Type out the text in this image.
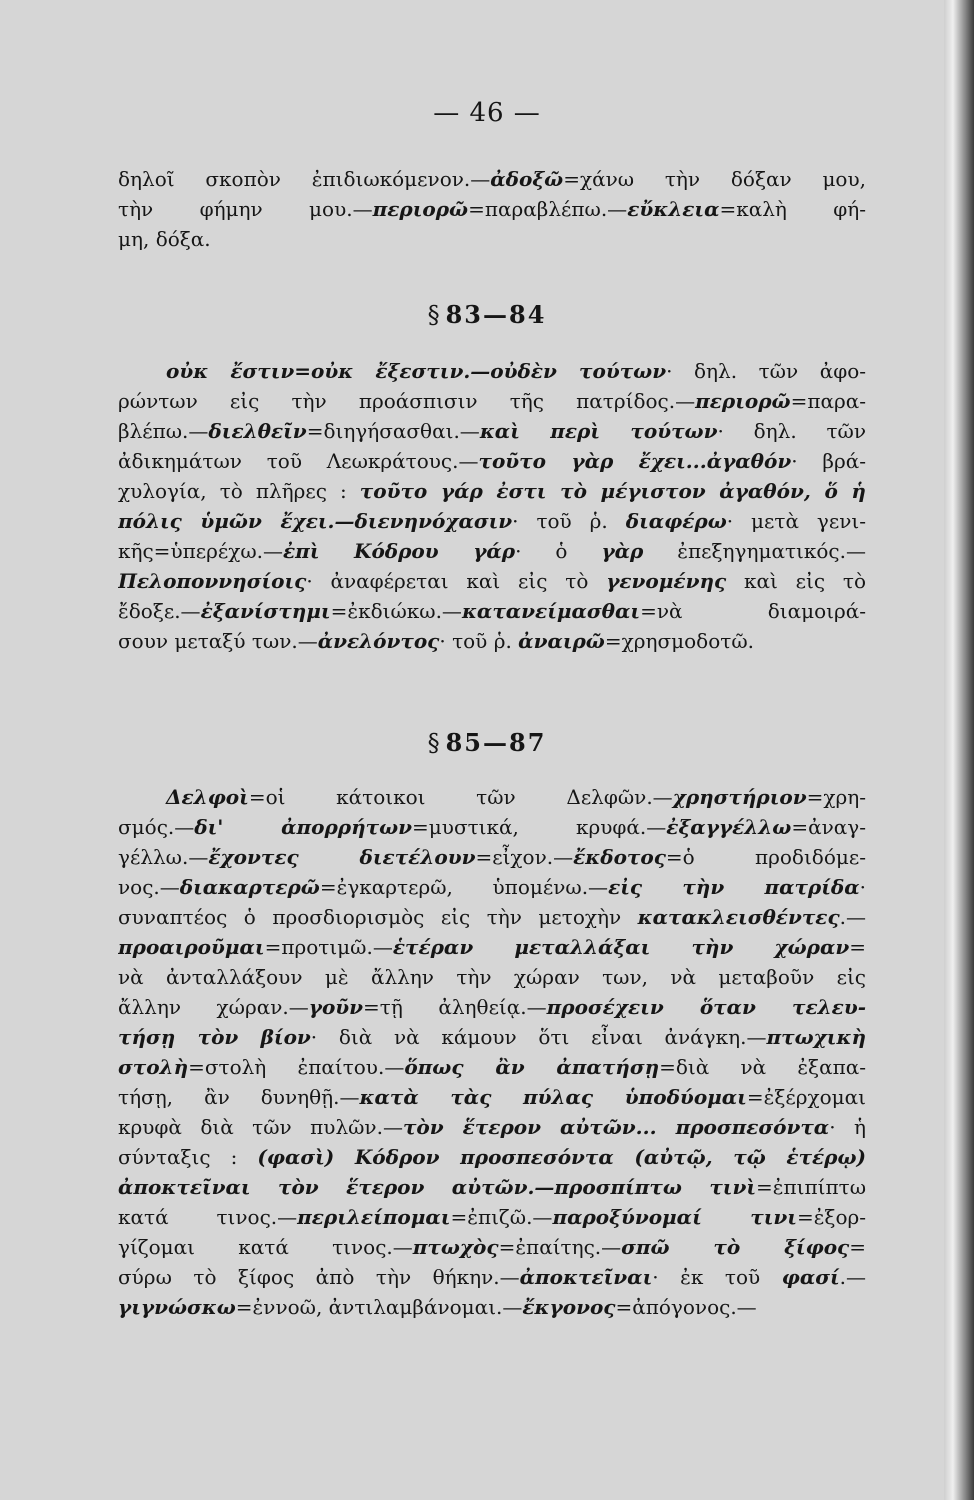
— 46 —
δηλοῖ σκοπὸν ἐπιδιωκόμενον.—ἀδοξῶ=χάνω τὴν δόξαν μου,
τὴν φήμην μου.—περιορῶ=παραβλέπω.—εὔκλεια=καλὴ φή-
μη, δόξα.
§ 83—84
οὐκ ἔστιν=οὐκ ἔξεστιν.—οὐδὲν τούτων· δηλ. τῶν ἀφο-
ρώντων εἰς τὴν προάσπισιν τῆς πατρίδος.—περιορῶ=παρα-
βλέπω.—διελθεῖν=διηγήσασθαι.—καὶ περὶ τούτων· δηλ. τῶν
ἀδικημάτων τοῦ Λεωκράτους.—τοῦτο γὰρ ἔχει...ἀγαθόν· βρά-
χυλογία, τὸ πλῆρες : τοῦτο γάρ ἐστι τὸ μέγιστον ἀγαθόν, ὅ ἡ
πόλις ὑμῶν ἔχει.—διενηνόχασιν· τοῦ ῥ. διαφέρω· μετὰ γενι-
κῆς=ὑπερέχω.—ἐπὶ Κόδρου γάρ· ὁ γὰρ ἐπεξηγηματικός.—
Πελοποννησίοις· ἀναφέρεται καὶ εἰς τὸ γενομένης καὶ εἰς τὸ
ἔδοξε.—ἐξανίστημι=ἐκδιώκω.—κατανείμασθαι=νὰ διαμοιρά-
σουν μεταξύ των.—ἀνελόντος· τοῦ ῥ. ἀναιρῶ=χρησμοδοτῶ.
§ 85—87
Δελφοὶ=οἱ κάτοικοι τῶν Δελφῶν.—χρηστήριον=χρη-
σμός.—δι' ἀπορρήτων=μυστικά, κρυφά.—ἐξαγγέλλω=ἀναγ-
γέλλω.—ἔχοντες διετέλουν=εἶχον.—ἔκδοτος=ὁ προδιδόμε-
νος.—διακαρτερῶ=ἐγκαρτερῶ, ὑπομένω.—εἰς τὴν πατρίδα·
συναπτέος ὁ προσδιορισμὸς εἰς τὴν μετοχὴν κατακλεισθέντες.—
προαιροῦμαι=προτιμῶ.—ἑτέραν μεταλλάξαι τὴν χώραν=
νὰ ἀνταλλάξουν μὲ ἄλλην τὴν χώραν των, νὰ μεταβοῦν εἰς
ἄλλην χώραν.—γοῦν=τῇ ἀληθείᾳ.—προσέχειν ὅταν τελευ-
τήσῃ τὸν βίον· διὰ νὰ κάμουν ὅτι εἶναι ἀνάγκη.—πτωχικὴ
στολὴ=στολὴ ἐπαίτου.—ὅπως ἂν ἀπατήσῃ=διὰ νὰ ἐξαπα-
τήσῃ, ἂν δυνηθῇ.—κατὰ τὰς πύλας ὑποδύομαι=ἐξέρχομαι
κρυφὰ διὰ τῶν πυλῶν.—τὸν ἕτερον αὐτῶν... προσπεσόντα· ἡ
σύνταξις : (φασὶ) Κόδρον προσπεσόντα (αὐτῷ, τῷ ἑτέρῳ)
ἀποκτεῖναι τὸν ἕτερον αὐτῶν.—προσπίπτω τινὶ=ἐπιπίπτω
κατά τινος.—περιλείπομαι=ἐπιζῶ.—παροξύνομαί τινι=ἐξορ-
γίζομαι κατά τινος.—πτωχὸς=ἐπαίτης.—σπῶ τὸ ξίφος=
σύρω τὸ ξίφος ἀπὸ τὴν θήκην.—ἀποκτεῖναι· ἐκ τοῦ φασί.—
γιγνώσκω=ἐννοῶ, ἀντιλαμβάνομαι.—ἔκγονος=ἀπόγονος.—
